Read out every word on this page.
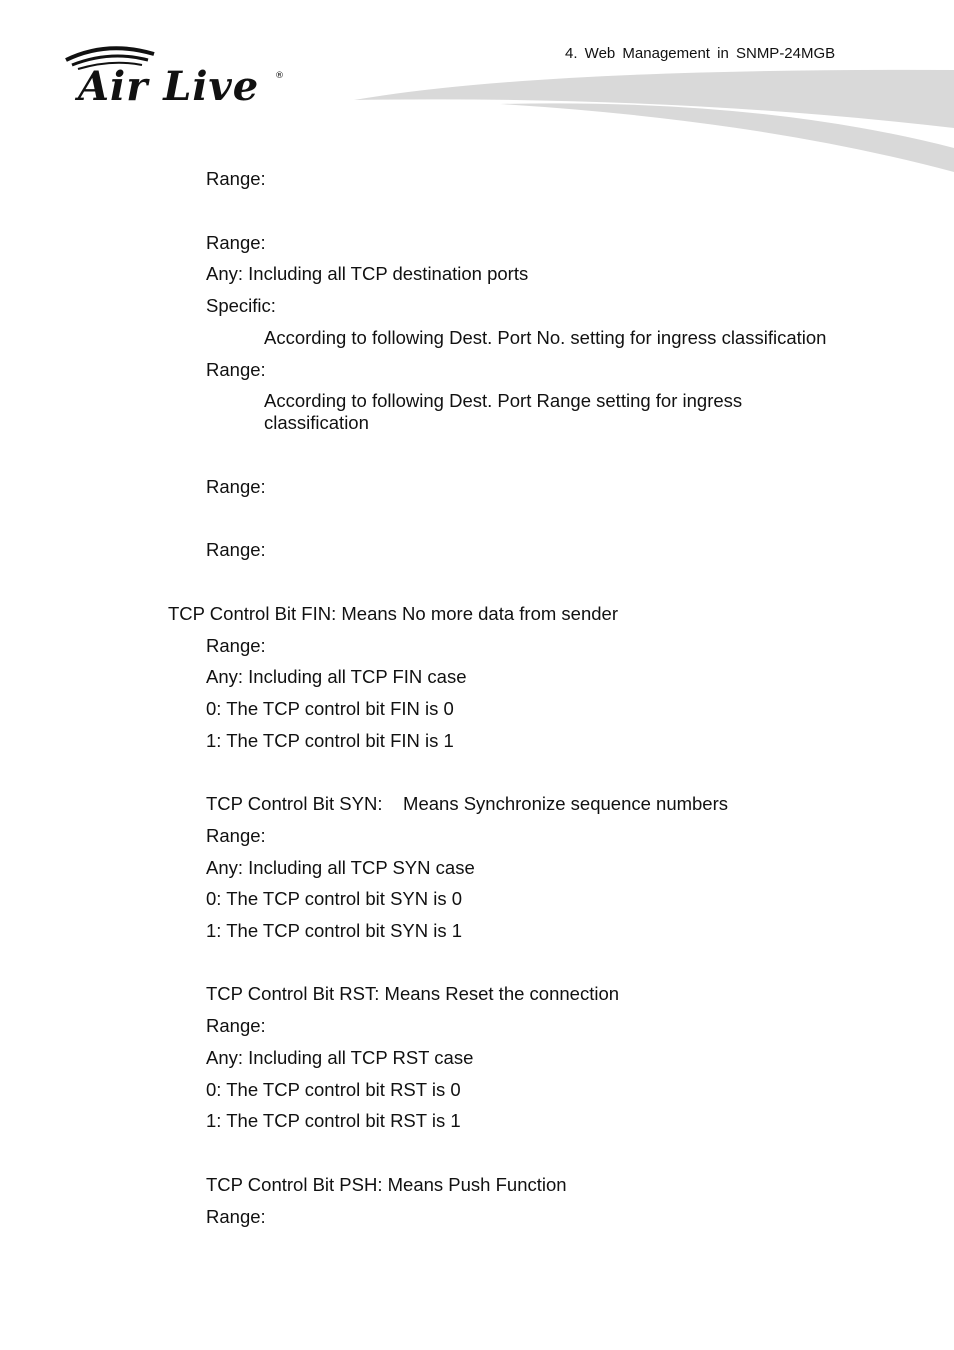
Air Live ®
4. Web Management in SNMP-24MGB
Range:
Range:
Any: Including all TCP destination ports
Specific:
According to following Dest. Port No. setting for ingress classification
Range:
According to following Dest. Port Range setting for ingress
classification
Range:
Range:
TCP Control Bit FIN: Means No more data from sender
Range:
Any: Including all TCP FIN case
0: The TCP control bit FIN is 0
1: The TCP control bit FIN is 1
TCP Control Bit SYN:    Means Synchronize sequence numbers
Range:
Any: Including all TCP SYN case
0: The TCP control bit SYN is 0
1: The TCP control bit SYN is 1
TCP Control Bit RST: Means Reset the connection
Range:
Any: Including all TCP RST case
0: The TCP control bit RST is 0
1: The TCP control bit RST is 1
TCP Control Bit PSH: Means Push Function
Range:
